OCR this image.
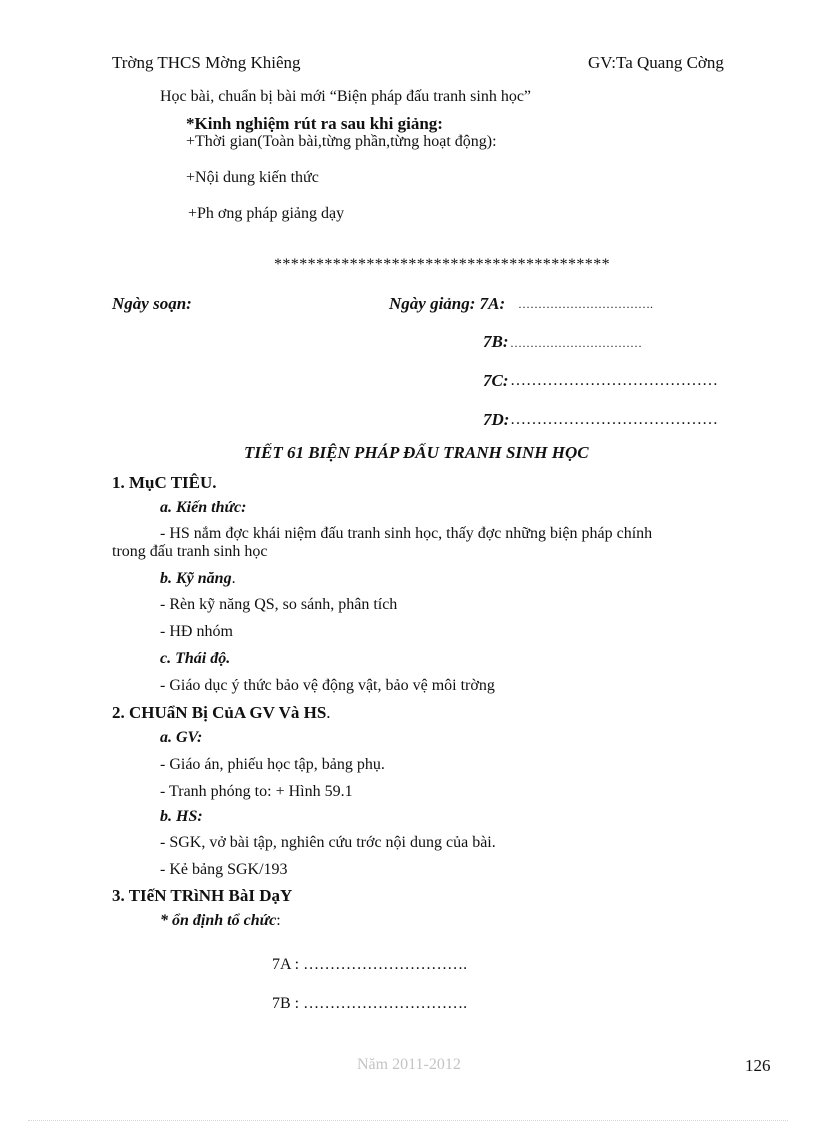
Trờng THCS Mờng Khiêng	GV:Ta Quang Cờng
Học bài, chuẩn bị bài mới “Biện pháp đấu tranh sinh học”
*Kinh nghiệm rút ra sau khi giảng:
+Thời gian(Toàn bài,từng phần,từng hoạt động):
+Nội dung kiến thức
+Ph ơng pháp giảng dạy
****************************************
Ngày soạn:	Ngày giảng: 7A: …………………………….
7B: ……………………………
7C: …………………………………
7D: …………………………………
TIẾT 61 BIỆN PHÁP ĐẤU TRANH SINH HỌC
1. MụC TIÊU.
a. Kiến thức:
- HS nắm đợc khái niệm đấu tranh sinh học, thấy đợc những biện pháp chính
trong đấu tranh sinh học
b. Kỹ năng.
- Rèn kỹ năng QS, so sánh, phân tích
- HĐ nhóm
c. Thái độ.
- Giáo dục ý thức bảo vệ động vật, bảo vệ môi trờng
2. CHUẩN Bị CủA GV Và HS.
a. GV:
- Giáo án, phiếu học tập, bảng phụ.
- Tranh phóng to: + Hình 59.1
b. HS:
- SGK, vở bài tập, nghiên cứu trớc nội dung của bài.
- Kẻ bảng SGK/193
3. TIếN TRìNH BàI DạY
* ổn định tổ chức:
7A : ………………………….
7B : ………………………….
Năm 2011-2012	126
